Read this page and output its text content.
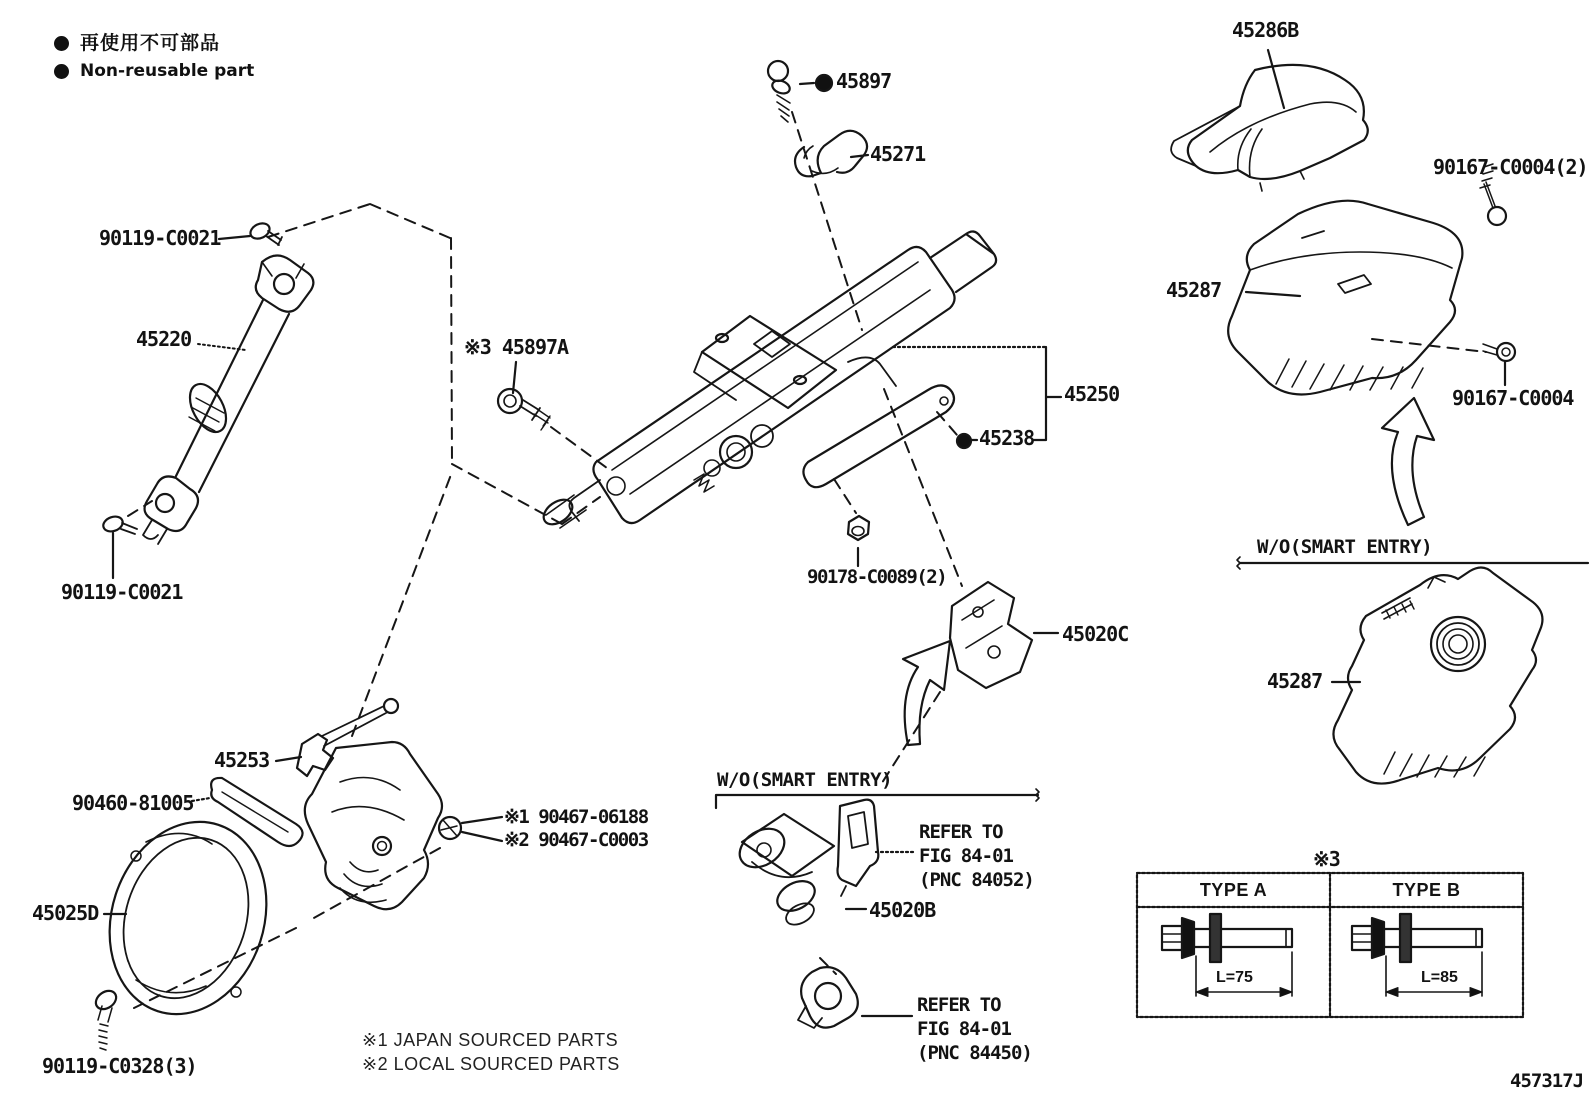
再使用不可部品
Non-reusable part	45897
45271
45286B
90167-C0004(2)
45287
90167-C0004
90119-C0021
45220	※3 45897A
45250
45238
90178-C0089(2)
45020C
W/O(SMART ENTRY)
45287
90119-C0021
45253
90460-81005
※1 90467-06188
※2 90467-C0003
45025D
W/O(SMART ENTRY)
REFER TO
FIG 84-01
(PNC 84052)
45020B
REFER TO
FIG 84-01
(PNC 84450)
90119-C0328(3)
※1 JAPAN SOURCED PARTS
※2 LOCAL SOURCED PARTS
※3
TYPE A	TYPE B
L=75	L=85
457317J
